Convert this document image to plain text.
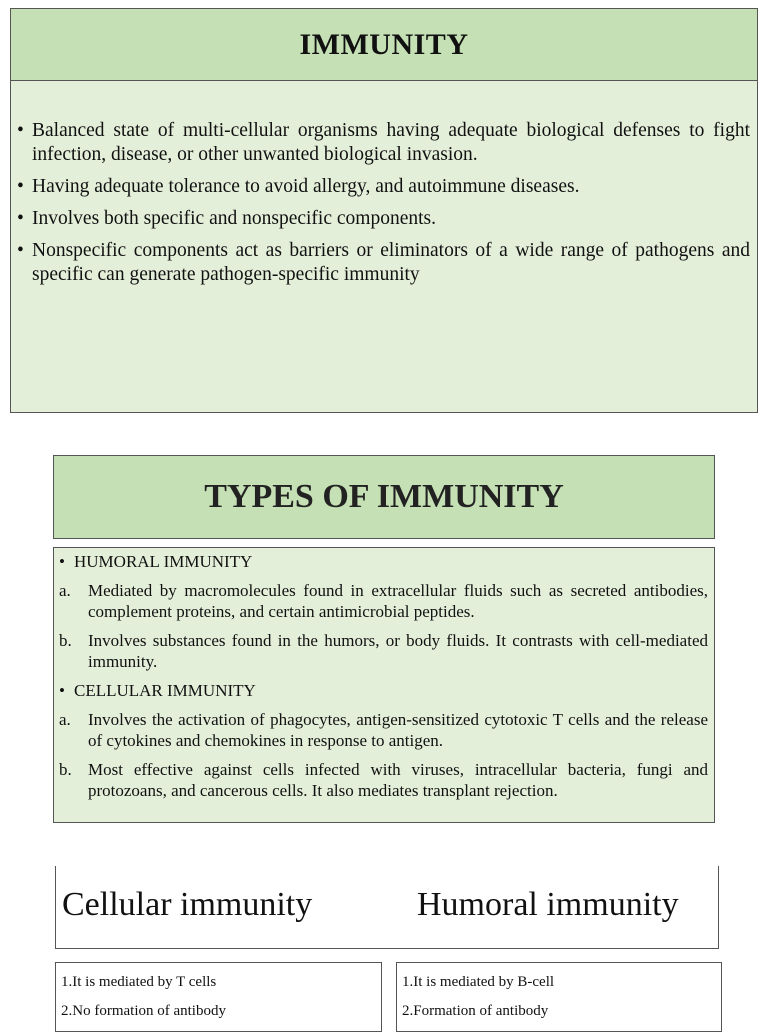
IMMUNITY
• Balanced state of multi-cellular organisms having adequate biological defenses to fight infection, disease, or other unwanted biological invasion.
• Having adequate tolerance to avoid allergy, and autoimmune diseases.
• Involves both specific and nonspecific components.
• Nonspecific components act as barriers or eliminators of a wide range of pathogens and specific can generate pathogen-specific immunity
TYPES OF IMMUNITY
• HUMORAL IMMUNITY
a. Mediated by macromolecules found in extracellular fluids such as secreted antibodies, complement proteins, and certain antimicrobial peptides.
b. Involves substances found in the humors, or body fluids. It contrasts with cell-mediated immunity.
• CELLULAR IMMUNITY
a. Involves the activation of phagocytes, antigen-sensitized cytotoxic T cells and the release of cytokines and chemokines in response to antigen.
b. Most effective against cells infected with viruses, intracellular bacteria, fungi and protozoans, and cancerous cells. It also mediates transplant rejection.
Cellular immunity	Humoral immunity
1.It is mediated by T cells
2.No formation of antibody
1.It is mediated by B-cell
2.Formation of antibody
